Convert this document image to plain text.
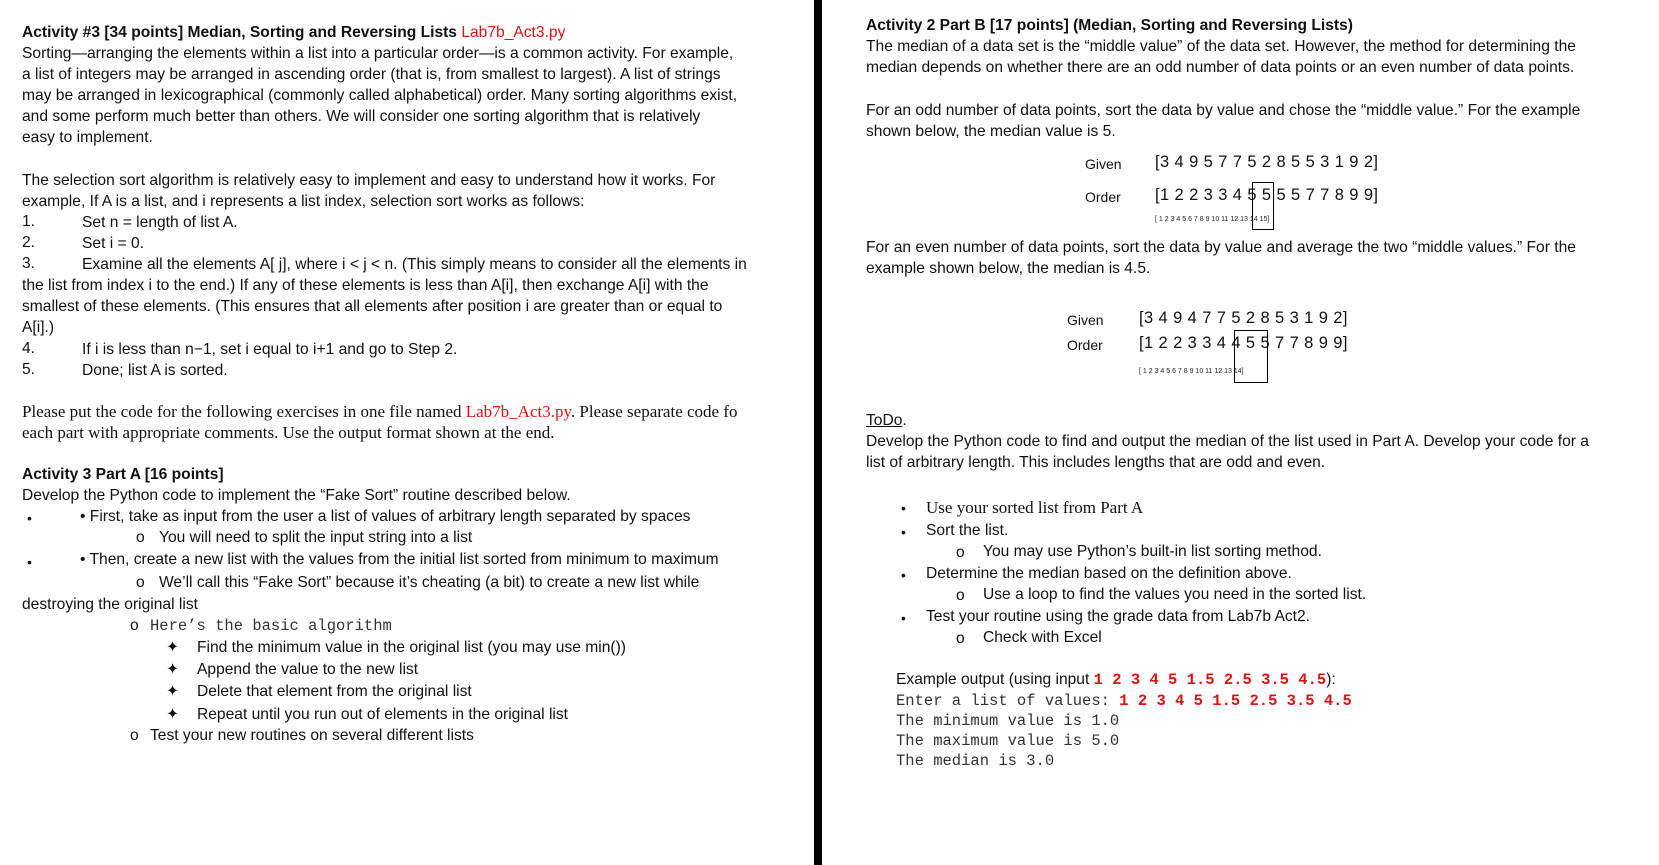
Activity #3 [34 points] Median, Sorting and Reversing Lists Lab7b_Act3.py
Sorting—arranging the elements within a list into a particular order—is a common activity. For example,
a list of integers may be arranged in ascending order (that is, from smallest to largest). A list of strings
may be arranged in lexicographical (commonly called alphabetical) order. Many sorting algorithms exist,
and some perform much better than others. We will consider one sorting algorithm that is relatively
easy to implement.
The selection sort algorithm is relatively easy to implement and easy to understand how it works. For
example, If A is a list, and i represents a list index, selection sort works as follows:
1.	Set n = length of list A.
2.	Set i = 0.
3.	Examine all the elements A[ j], where i < j < n. (This simply means to consider all the elements in
the list from index i to the end.) If any of these elements is less than A[i], then exchange A[i] with the
smallest of these elements. (This ensures that all elements after position i are greater than or equal to
A[i].)
4.	If i is less than n−1, set i equal to i+1 and go to Step 2.
5.	Done; list A is sorted.
Please put the code for the following exercises in one file named Lab7b_Act3.py. Please separate code fo
each part with appropriate comments. Use the output format shown at the end.
Activity 3 Part A [16 points]
Develop the Python code to implement the “Fake Sort” routine described below.
•	• First, take as input from the user a list of values of arbitrary length separated by spaces
o You will need to split the input string into a list
•	• Then, create a new list with the values from the initial list sorted from minimum to maximum
o We’ll call this “Fake Sort” because it’s cheating (a bit) to create a new list while
destroying the original list
o Here’s the basic algorithm
✦ Find the minimum value in the original list (you may use min())
✦ Append the value to the new list
✦ Delete that element from the original list
✦ Repeat until you run out of elements in the original list
o Test your new routines on several different lists
Activity 2 Part B [17 points] (Median, Sorting and Reversing Lists)
The median of a data set is the “middle value” of the data set. However, the method for determining the
median depends on whether there are an odd number of data points or an even number of data points.
For an odd number of data points, sort the data by value and chose the “middle value.” For the example
shown below, the median value is 5.
Given [3 4 9 5 7 7 5 2 8 5 5 3 1 9 2]
Order [1 2 2 3 3 4 5 5 5 5 7 7 8 9 9]
[ 1 2 3 4 5 6 7 8 9 10 11 12 13 14 15]
For an even number of data points, sort the data by value and average the two “middle values.” For the
example shown below, the median is 4.5.
Given [3 4 9 4 7 7 5 2 8 5 3 1 9 2]
Order [1 2 2 3 3 4 4 5 5 7 7 8 9 9]
[ 1 2 3 4 5 6 7 8 9 10 11 12 13 14]
ToDo.
Develop the Python code to find and output the median of the list used in Part A. Develop your code for a
list of arbitrary length. This includes lengths that are odd and even.
• Use your sorted list from Part A
• Sort the list.
o You may use Python’s built-in list sorting method.
• Determine the median based on the definition above.
o Use a loop to find the values you need in the sorted list.
• Test your routine using the grade data from Lab7b Act2.
o Check with Excel
Example output (using input 1 2 3 4 5 1.5 2.5 3.5 4.5):
Enter a list of values: 1 2 3 4 5 1.5 2.5 3.5 4.5
The minimum value is 1.0
The maximum value is 5.0
The median is 3.0
